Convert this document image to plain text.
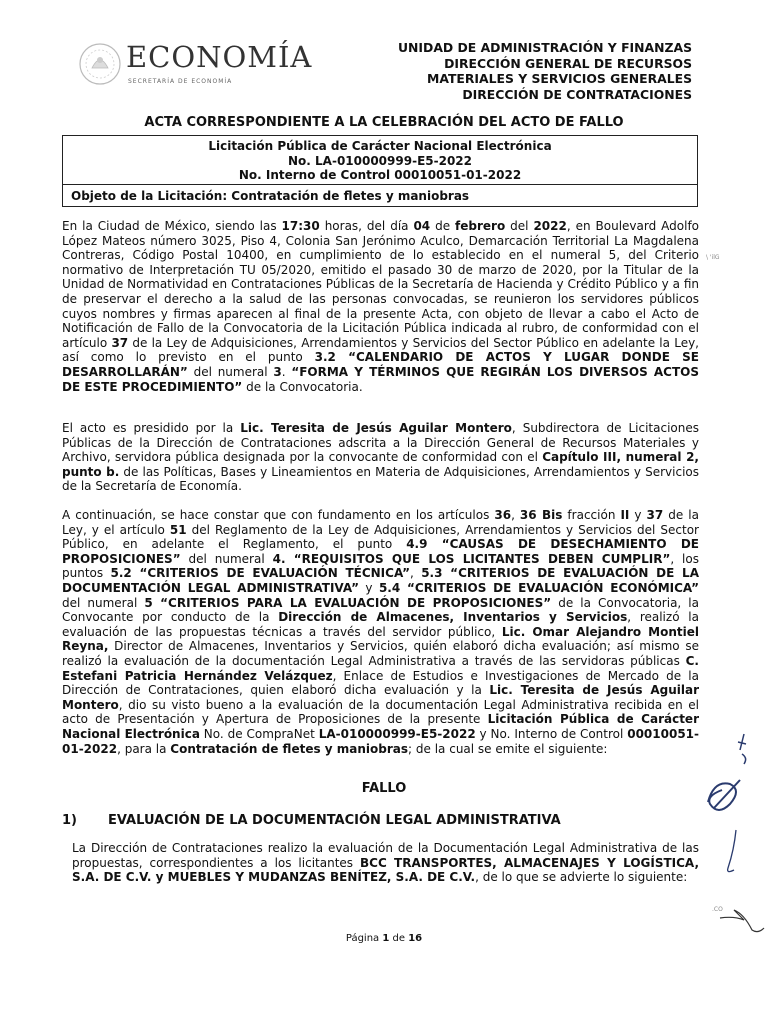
ECONOMÍA
SECRETARÍA DE ECONOMÍA
UNIDAD DE ADMINISTRACIÓN Y FINANZAS
DIRECCIÓN GENERAL DE RECURSOS
MATERIALES Y SERVICIOS GENERALES
DIRECCIÓN DE CONTRATACIONES
ACTA CORRESPONDIENTE A LA CELEBRACIÓN DEL ACTO DE FALLO
Licitación Pública de Carácter Nacional Electrónica
No. LA-010000999-E5-2022
No. Interno de Control 00010051-01-2022
Objeto de la Licitación: Contratación de fletes y maniobras
En la Ciudad de México, siendo las 17:30 horas, del día 04 de febrero del 2022, en Boulevard Adolfo López Mateos número 3025, Piso 4, Colonia San Jerónimo Aculco, Demarcación Territorial La Magdalena Contreras, Código Postal 10400, en cumplimiento de lo establecido en el numeral 5, del Criterio normativo de Interpretación TU 05/2020, emitido el pasado 30 de marzo de 2020, por la Titular de la Unidad de Normatividad en Contrataciones Públicas de la Secretaría de Hacienda y Crédito Público y a fin de preservar el derecho a la salud de las personas convocadas, se reunieron los servidores públicos cuyos nombres y firmas aparecen al final de la presente Acta, con objeto de llevar a cabo el Acto de Notificación de Fallo de la Convocatoria de la Licitación Pública indicada al rubro, de conformidad con el artículo 37 de la Ley de Adquisiciones, Arrendamientos y Servicios del Sector Público en adelante la Ley, así como lo previsto en el punto 3.2 “CALENDARIO DE ACTOS Y LUGAR DONDE SE DESARROLLARÁN” del numeral 3. “FORMA Y TÉRMINOS QUE REGIRÁN LOS DIVERSOS ACTOS DE ESTE PROCEDIMIENTO” de la Convocatoria.
El acto es presidido por la Lic. Teresita de Jesús Aguilar Montero, Subdirectora de Licitaciones Públicas de la Dirección de Contrataciones adscrita a la Dirección General de Recursos Materiales y Archivo, servidora pública designada por la convocante de conformidad con el Capítulo III, numeral 2, punto b. de las Políticas, Bases y Lineamientos en Materia de Adquisiciones, Arrendamientos y Servicios de la Secretaría de Economía.
A continuación, se hace constar que con fundamento en los artículos 36, 36 Bis fracción II y 37 de la Ley, y el artículo 51 del Reglamento de la Ley de Adquisiciones, Arrendamientos y Servicios del Sector Público, en adelante el Reglamento, el punto 4.9 “CAUSAS DE DESECHAMIENTO DE PROPOSICIONES” del numeral 4. “REQUISITOS QUE LOS LICITANTES DEBEN CUMPLIR”, los puntos 5.2 “CRITERIOS DE EVALUACIÓN TÉCNICA”, 5.3 “CRITERIOS DE EVALUACIÓN DE LA DOCUMENTACIÓN LEGAL ADMINISTRATIVA” y 5.4 “CRITERIOS DE EVALUACIÓN ECONÓMICA” del numeral 5 “CRITERIOS PARA LA EVALUACIÓN DE PROPOSICIONES” de la Convocatoria, la Convocante por conducto de la Dirección de Almacenes, Inventarios y Servicios, realizó la evaluación de las propuestas técnicas a través del servidor público, Lic. Omar Alejandro Montiel Reyna, Director de Almacenes, Inventarios y Servicios, quién elaboró dicha evaluación; así mismo se realizó la evaluación de la documentación Legal Administrativa a través de las servidoras públicas C. Estefani Patricia Hernández Velázquez, Enlace de Estudios e Investigaciones de Mercado de la Dirección de Contrataciones, quien elaboró dicha evaluación y la Lic. Teresita de Jesús Aguilar Montero, dio su visto bueno a la evaluación de la documentación Legal Administrativa recibida en el acto de Presentación y Apertura de Proposiciones de la presente Licitación Pública de Carácter Nacional Electrónica No. de CompraNet LA-010000999-E5-2022 y No. Interno de Control 00010051-01-2022, para la Contratación de fletes y maniobras; de la cual se emite el siguiente:
FALLO
1) EVALUACIÓN DE LA DOCUMENTACIÓN LEGAL ADMINISTRATIVA
La Dirección de Contrataciones realizo la evaluación de la Documentación Legal Administrativa de las propuestas, correspondientes a los licitantes BCC TRANSPORTES, ALMACENAJES Y LOGÍSTICA, S.A. DE C.V. y MUEBLES Y MUDANZAS BENÍTEZ, S.A. DE C.V., de lo que se advierte lo siguiente:
Página 1 de 16
\ 'ilG
.CO
